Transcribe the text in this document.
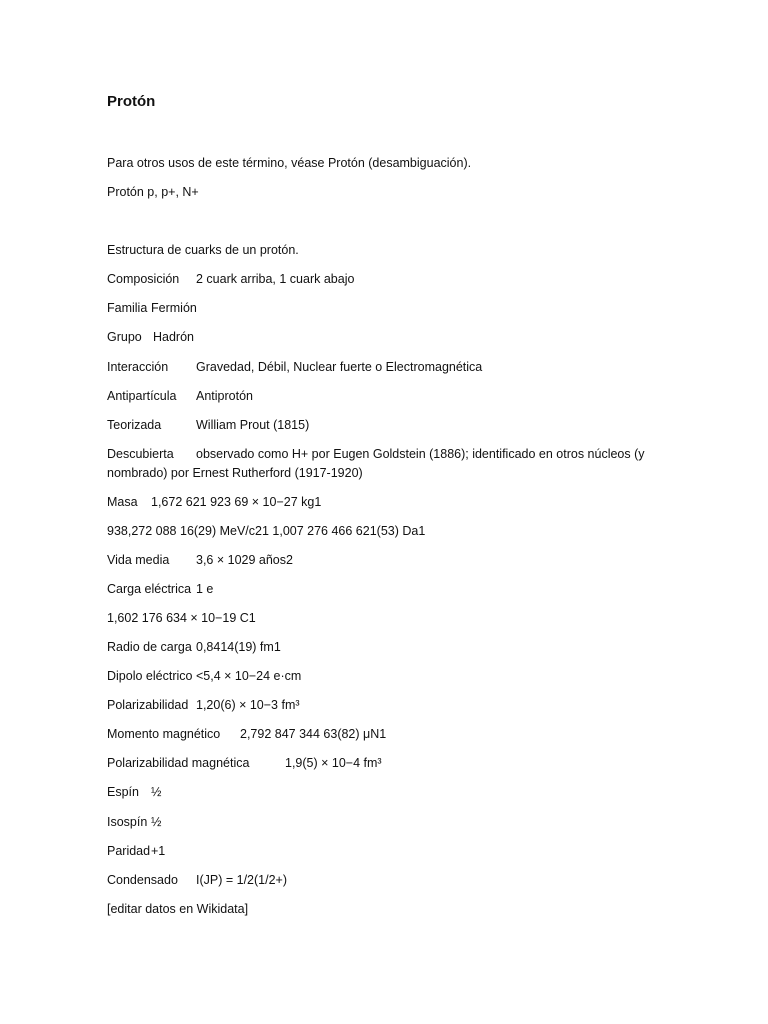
Protón
Para otros usos de este término, véase Protón (desambiguación).
Protón p, p+, N+
Estructura de cuarks de un protón.
Composición 2 cuark arriba, 1 cuark abajo
Familia Fermión
Grupo Hadrón
Interacción Gravedad, Débil, Nuclear fuerte o Electromagnética
Antipartícula Antiprotón
Teorizada	William Prout (1815)
Descubierta observado como H+ por Eugen Goldstein (1886); identificado en otros núcleos (y nombrado) por Ernest Rutherford (1917-1920)
Masa 1,672 621 923 69 × 10−27 kg1
938,272 088 16(29) MeV/c21 1,007 276 466 621(53) Da1
Vida media 3,6 × 1029 años2
Carga eléctrica 1 e
1,602 176 634 × 10−19 C1
Radio de carga 0,8414(19) fm1
Dipolo eléctrico <5,4 × 10−24 e·cm
Polarizabilidad 1,20(6) × 10−3 fm³
Momento magnético 2,792 847 344 63(82) μN1
Polarizabilidad magnética	1,9(5) × 10−4 fm³
Espín ½
Isospín ½
Paridad+1
Condensado I(JP) = 1/2(1/2+)
[editar datos en Wikidata]
